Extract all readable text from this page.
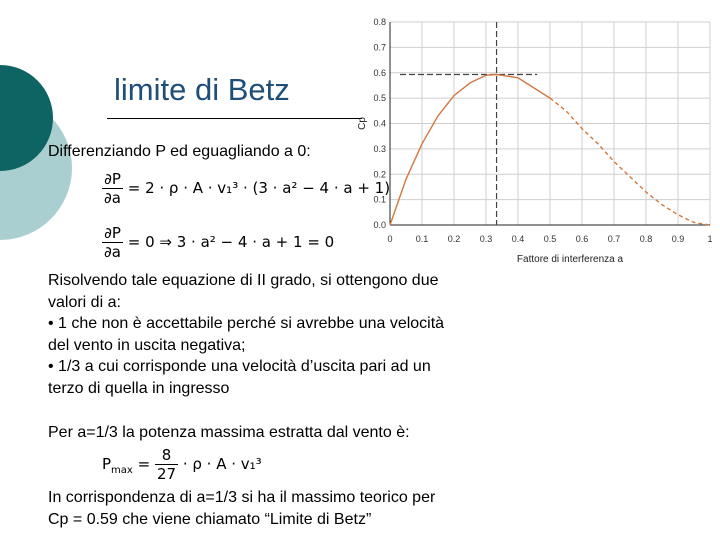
limite di Betz
Differenziando P ed eguagliando a 0:
$\frac{\partial P}{\partial a} = 2 \cdot \rho \cdot A \cdot v_1^3 \cdot (3 \cdot a^2 - 4 \cdot a + 1)$
$\frac{\partial P}{\partial a} = 0$ ⇒ 3 · a² − 4 · a + 1 = 0
Risolvendo tale equazione di II grado, si ottengono due
valori di a:
• 1 che non è accettabile perché si avrebbe una velocità
del vento in uscita negativa;
• 1/3 a cui corrisponde una velocità d’uscita pari ad un
terzo di quella in ingresso
Per a=1/3 la potenza massima estratta dal vento è:
$P_{max} = \frac{8}{27} \cdot \rho \cdot A \cdot v_1^3$
In corrispondenza di a=1/3 si ha il massimo teorico per
Cp = 0.59 che viene chiamato “Limite di Betz”
0	0.1 0.2 0.3 0.4 0.5 0.6 0.7 0.8 0.9	1
0.0
0.1
0.2
0.3
0.4
0.5
0.6
0.7
0.8
Fattore di interferenza a
Cp
